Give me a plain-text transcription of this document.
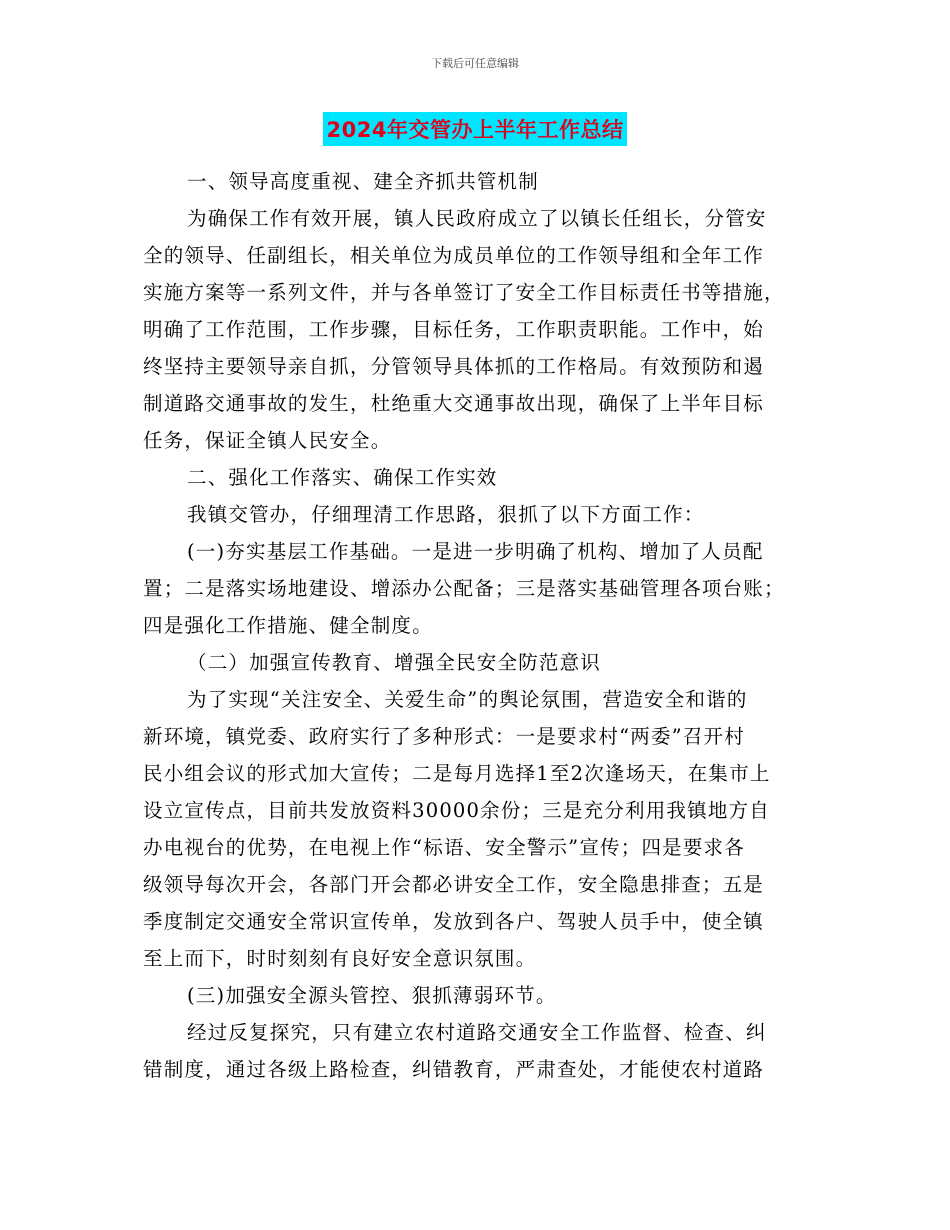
下载后可任意编辑
2024年交管办上半年工作总结
一、领导高度重视、建全齐抓共管机制
为确保工作有效开展，镇人民政府成立了以镇长任组长，分管安
全的领导、任副组长，相关单位为成员单位的工作领导组和全年工作
实施方案等一系列文件，并与各单签订了安全工作目标责任书等措施，
明确了工作范围，工作步骤，目标任务，工作职责职能。工作中，始
终坚持主要领导亲自抓，分管领导具体抓的工作格局。有效预防和遏
制道路交通事故的发生，杜绝重大交通事故出现，确保了上半年目标
任务，保证全镇人民安全。
二、强化工作落实、确保工作实效
我镇交管办，仔细理清工作思路，狠抓了以下方面工作：
(一)夯实基层工作基础。一是进一步明确了机构、增加了人员配
置；二是落实场地建设、增添办公配备；三是落实基础管理各项台账；
四是强化工作措施、健全制度。
（二）加强宣传教育、增强全民安全防范意识
为了实现“关注安全、关爱生命”的舆论氛围，营造安全和谐的
新环境，镇党委、政府实行了多种形式：一是要求村“两委”召开村
民小组会议的形式加大宣传；二是每月选择1至2次逢场天，在集市上
设立宣传点，目前共发放资料30000余份；三是充分利用我镇地方自
办电视台的优势，在电视上作“标语、安全警示”宣传；四是要求各
级领导每次开会，各部门开会都必讲安全工作，安全隐患排查；五是
季度制定交通安全常识宣传单，发放到各户、驾驶人员手中，使全镇
至上而下，时时刻刻有良好安全意识氛围。
(三)加强安全源头管控、狠抓薄弱环节。
经过反复探究，只有建立农村道路交通安全工作监督、检查、纠
错制度，通过各级上路检查，纠错教育，严肃查处，才能使农村道路
